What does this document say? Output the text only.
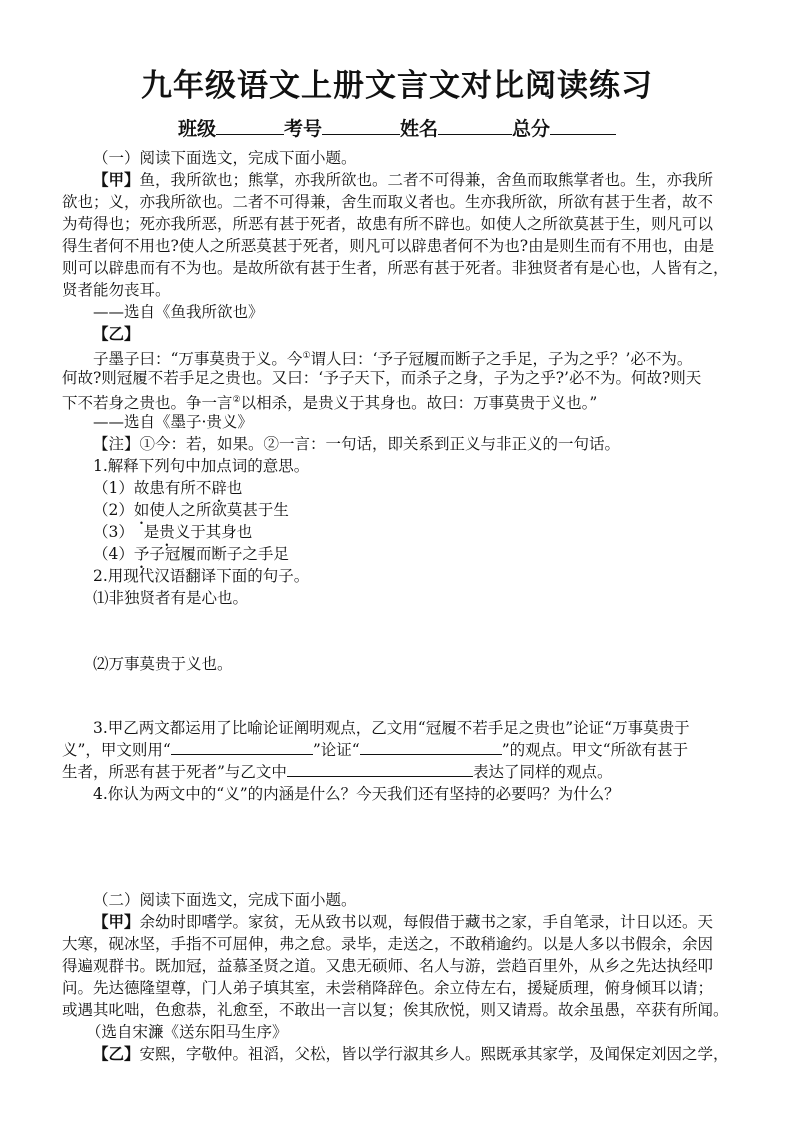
九年级语文上册文言文对比阅读练习
班级	考号	姓名	总分
（一）阅读下面选文，完成下面小题。
【甲】鱼，我所欲也；熊掌，亦我所欲也。二者不可得兼，舍鱼而取熊掌者也。生，亦我所
欲也；义，亦我所欲也。二者不可得兼，舍生而取义者也。生亦我所欲，所欲有甚于生者，故不
为苟得也；死亦我所恶，所恶有甚于死者，故患有所不辟也。如使人之所欲莫甚于生，则凡可以
得生者何不用也?使人之所恶莫甚于死者，则凡可以辟患者何不为也?由是则生而有不用也，由是
则可以辟患而有不为也。是故所欲有甚于生者，所恶有甚于死者。非独贤者有是心也，人皆有之，
贤者能勿丧耳。
——选自《鱼我所欲也》
【乙】
子墨子曰：“万事莫贵于义。今①谓人曰：‘予子冠履而断子之手足，子为之乎？’必不为。
何故?则冠履不若手足之贵也。又曰：‘予子天下，而杀子之身，子为之乎?’必不为。何故?则天
下不若身之贵也。争一言②以相杀，是贵义于其身也。故曰：万事莫贵于义也。”
——选自《墨子·贵义》
【注】①今：若，如果。②一言：一句话，即关系到正义与非正义的一句话。
1.解释下列句中加点词的意思。
（1）故患有所不辟也
（2）如使人之所欲莫甚于生
（3）  是贵义于其身也
（4）予子冠履而断子之手足
2.用现代汉语翻译下面的句子。
⑴非独贤者有是心也。
⑵万事莫贵于义也。
3.甲乙两文都运用了比喻论证阐明观点，乙文用“冠履不若手足之贵也”论证“万事莫贵于
义”，甲文则用“	”论证“	”的观点。甲文“所欲有甚于
生者，所恶有甚于死者”与乙文中	表达了同样的观点。
4.你认为两文中的“义”的内涵是什么？今天我们还有坚持的必要吗？为什么？
（二）阅读下面选文，完成下面小题。
【甲】余幼时即嗜学。家贫，无从致书以观，每假借于藏书之家，手自笔录，计日以还。天
大寒，砚冰坚，手指不可屈伸，弗之怠。录毕，走送之，不敢稍逾约。以是人多以书假余，余因
得遍观群书。既加冠，益慕圣贤之道。又患无硕师、名人与游，尝趋百里外，从乡之先达执经叩
问。先达德隆望尊，门人弟子填其室，未尝稍降辞色。余立侍左右，援疑质理，俯身倾耳以请；
或遇其叱咄，色愈恭，礼愈至，不敢出一言以复；俟其欣悦，则又请焉。故余虽愚，卒获有所闻。
（选自宋濂《送东阳马生序》
【乙】安熙，字敬仲。祖滔，父松，皆以学行淑其乡人。熙既承其家学，及闻保定刘因之学，
